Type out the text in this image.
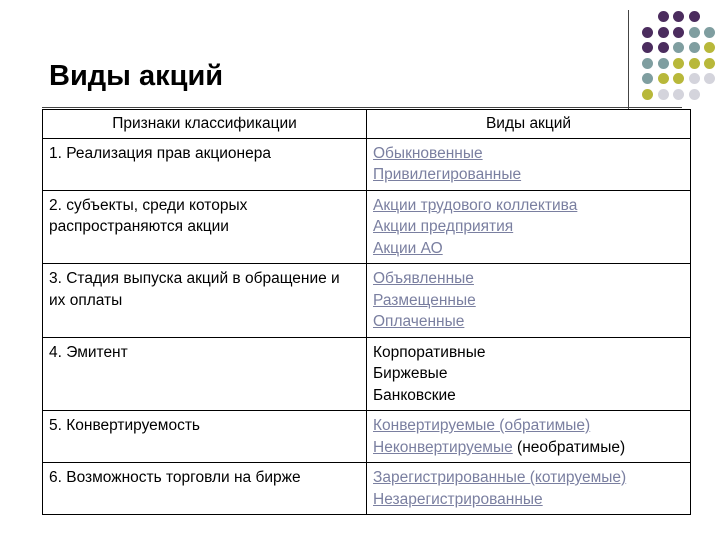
Виды акций
Признаки классификации	Виды акций
1. Реализация прав акционера	Обыкновенные
Привилегированные

2. субъекты, среди которых распространяются акции	Акции трудового коллектива
Акции предприятия
Акции АО

3. Стадия выпуска акций в обращение и их оплаты	Объявленные
Размещенные
Оплаченные

4. Эмитент	Корпоративные
Биржевые
Банковские

5. Конвертируемость	Конвертируемые (обратимые)
Неконвертируемые (необратимые)

6. Возможность торговли на бирже	Зарегистрированные (котируемые)
Незарегистрированные
